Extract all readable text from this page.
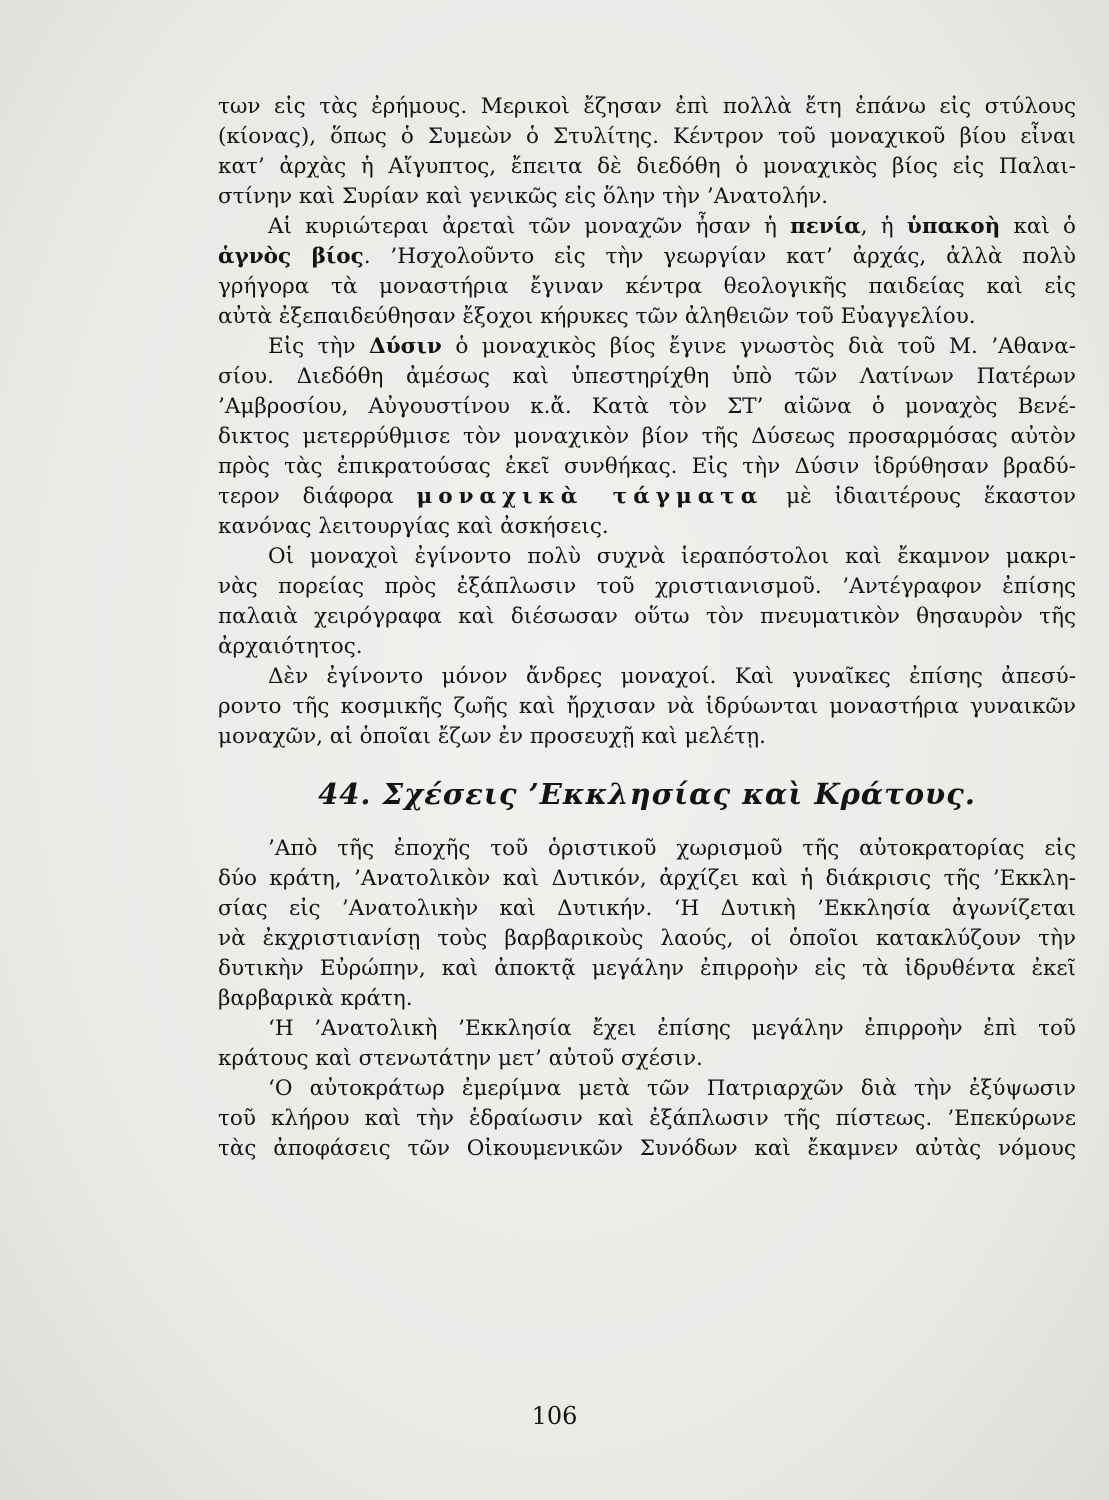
των εἰς τὰς ἐρήμους. Μερικοὶ ἔζησαν ἐπὶ πολλὰ ἔτη ἐπάνω εἰς στύλους
(κίονας), ὅπως ὁ Συμεὼν ὁ Στυλίτης. Κέντρον τοῦ μοναχικοῦ βίου εἶναι
κατ’ ἀρχὰς ἡ Αἴγυπτος, ἔπειτα δὲ διεδόθη ὁ μοναχικὸς βίος εἰς Παλαι-
στίνην καὶ Συρίαν καὶ γενικῶς εἰς ὅλην τὴν ’Ανατολήν.
Αἱ κυριώτεραι ἀρεταὶ τῶν μοναχῶν ἦσαν ἡ πενία, ἡ ὑπακοὴ καὶ ὁ
ἁγνὸς βίος. ’Ησχολοῦντο εἰς τὴν γεωργίαν κατ’ ἀρχάς, ἀλλὰ πολὺ
γρήγορα τὰ μοναστήρια ἔγιναν κέντρα θεολογικῆς παιδείας καὶ εἰς
αὐτὰ ἐξεπαιδεύθησαν ἔξοχοι κήρυκες τῶν ἀληθειῶν τοῦ Εὐαγγελίου.
Εἰς τὴν Δύσιν ὁ μοναχικὸς βίος ἔγινε γνωστὸς διὰ τοῦ Μ. ’Αθανα-
σίου. Διεδόθη ἀμέσως καὶ ὑπεστηρίχθη ὑπὸ τῶν Λατίνων Πατέρων
’Αμβροσίου, Αὐγουστίνου κ.ἄ. Κατὰ τὸν ΣΤ’ αἰῶνα ὁ μοναχὸς Βενέ-
δικτος μετερρύθμισε τὸν μοναχικὸν βίον τῆς Δύσεως προσαρμόσας αὐτὸν
πρὸς τὰς ἐπικρατούσας ἐκεῖ συνθήκας. Εἰς τὴν Δύσιν ἱδρύθησαν βραδύ-
τερον διάφορα μοναχικὰ τάγματα μὲ ἰδιαιτέρους ἕκαστον
κανόνας λειτουργίας καὶ ἀσκήσεις.
Οἱ μοναχοὶ ἐγίνοντο πολὺ συχνὰ ἱεραπόστολοι καὶ ἔκαμνον μακρι-
νὰς πορείας πρὸς ἐξάπλωσιν τοῦ χριστιανισμοῦ. ’Αντέγραφον ἐπίσης
παλαιὰ χειρόγραφα καὶ διέσωσαν οὕτω τὸν πνευματικὸν θησαυρὸν τῆς
ἀρχαιότητος.
Δὲν ἐγίνοντο μόνον ἄνδρες μοναχοί. Καὶ γυναῖκες ἐπίσης ἀπεσύ-
ροντο τῆς κοσμικῆς ζωῆς καὶ ἤρχισαν νὰ ἱδρύωνται μοναστήρια γυναικῶν
μοναχῶν, αἱ ὁποῖαι ἔζων ἐν προσευχῇ καὶ μελέτῃ.
44. Σχέσεις ’Εκκλησίας καὶ Κράτους.
’Απὸ τῆς ἐποχῆς τοῦ ὁριστικοῦ χωρισμοῦ τῆς αὐτοκρατορίας εἰς
δύο κράτη, ’Ανατολικὸν καὶ Δυτικόν, ἀρχίζει καὶ ἡ διάκρισις τῆς ’Εκκλη-
σίας εἰς ’Ανατολικὴν καὶ Δυτικήν. ‘Η Δυτικὴ ’Εκκλησία ἀγωνίζεται
νὰ ἐκχριστιανίσῃ τοὺς βαρβαρικοὺς λαούς, οἱ ὁποῖοι κατακλύζουν τὴν
δυτικὴν Εὐρώπην, καὶ ἀποκτᾷ μεγάλην ἐπιρροὴν εἰς τὰ ἱδρυθέντα ἐκεῖ
βαρβαρικὰ κράτη.
‘Η ’Ανατολικὴ ’Εκκλησία ἔχει ἐπίσης μεγάλην ἐπιρροὴν ἐπὶ τοῦ
κράτους καὶ στενωτάτην μετ’ αὐτοῦ σχέσιν.
‘Ο αὐτοκράτωρ ἐμερίμνα μετὰ τῶν Πατριαρχῶν διὰ τὴν ἐξύψωσιν
τοῦ κλήρου καὶ τὴν ἑδραίωσιν καὶ ἐξάπλωσιν τῆς πίστεως. ’Επεκύρωνε
τὰς ἀποφάσεις τῶν Οἰκουμενικῶν Συνόδων καὶ ἔκαμνεν αὐτὰς νόμους
106
